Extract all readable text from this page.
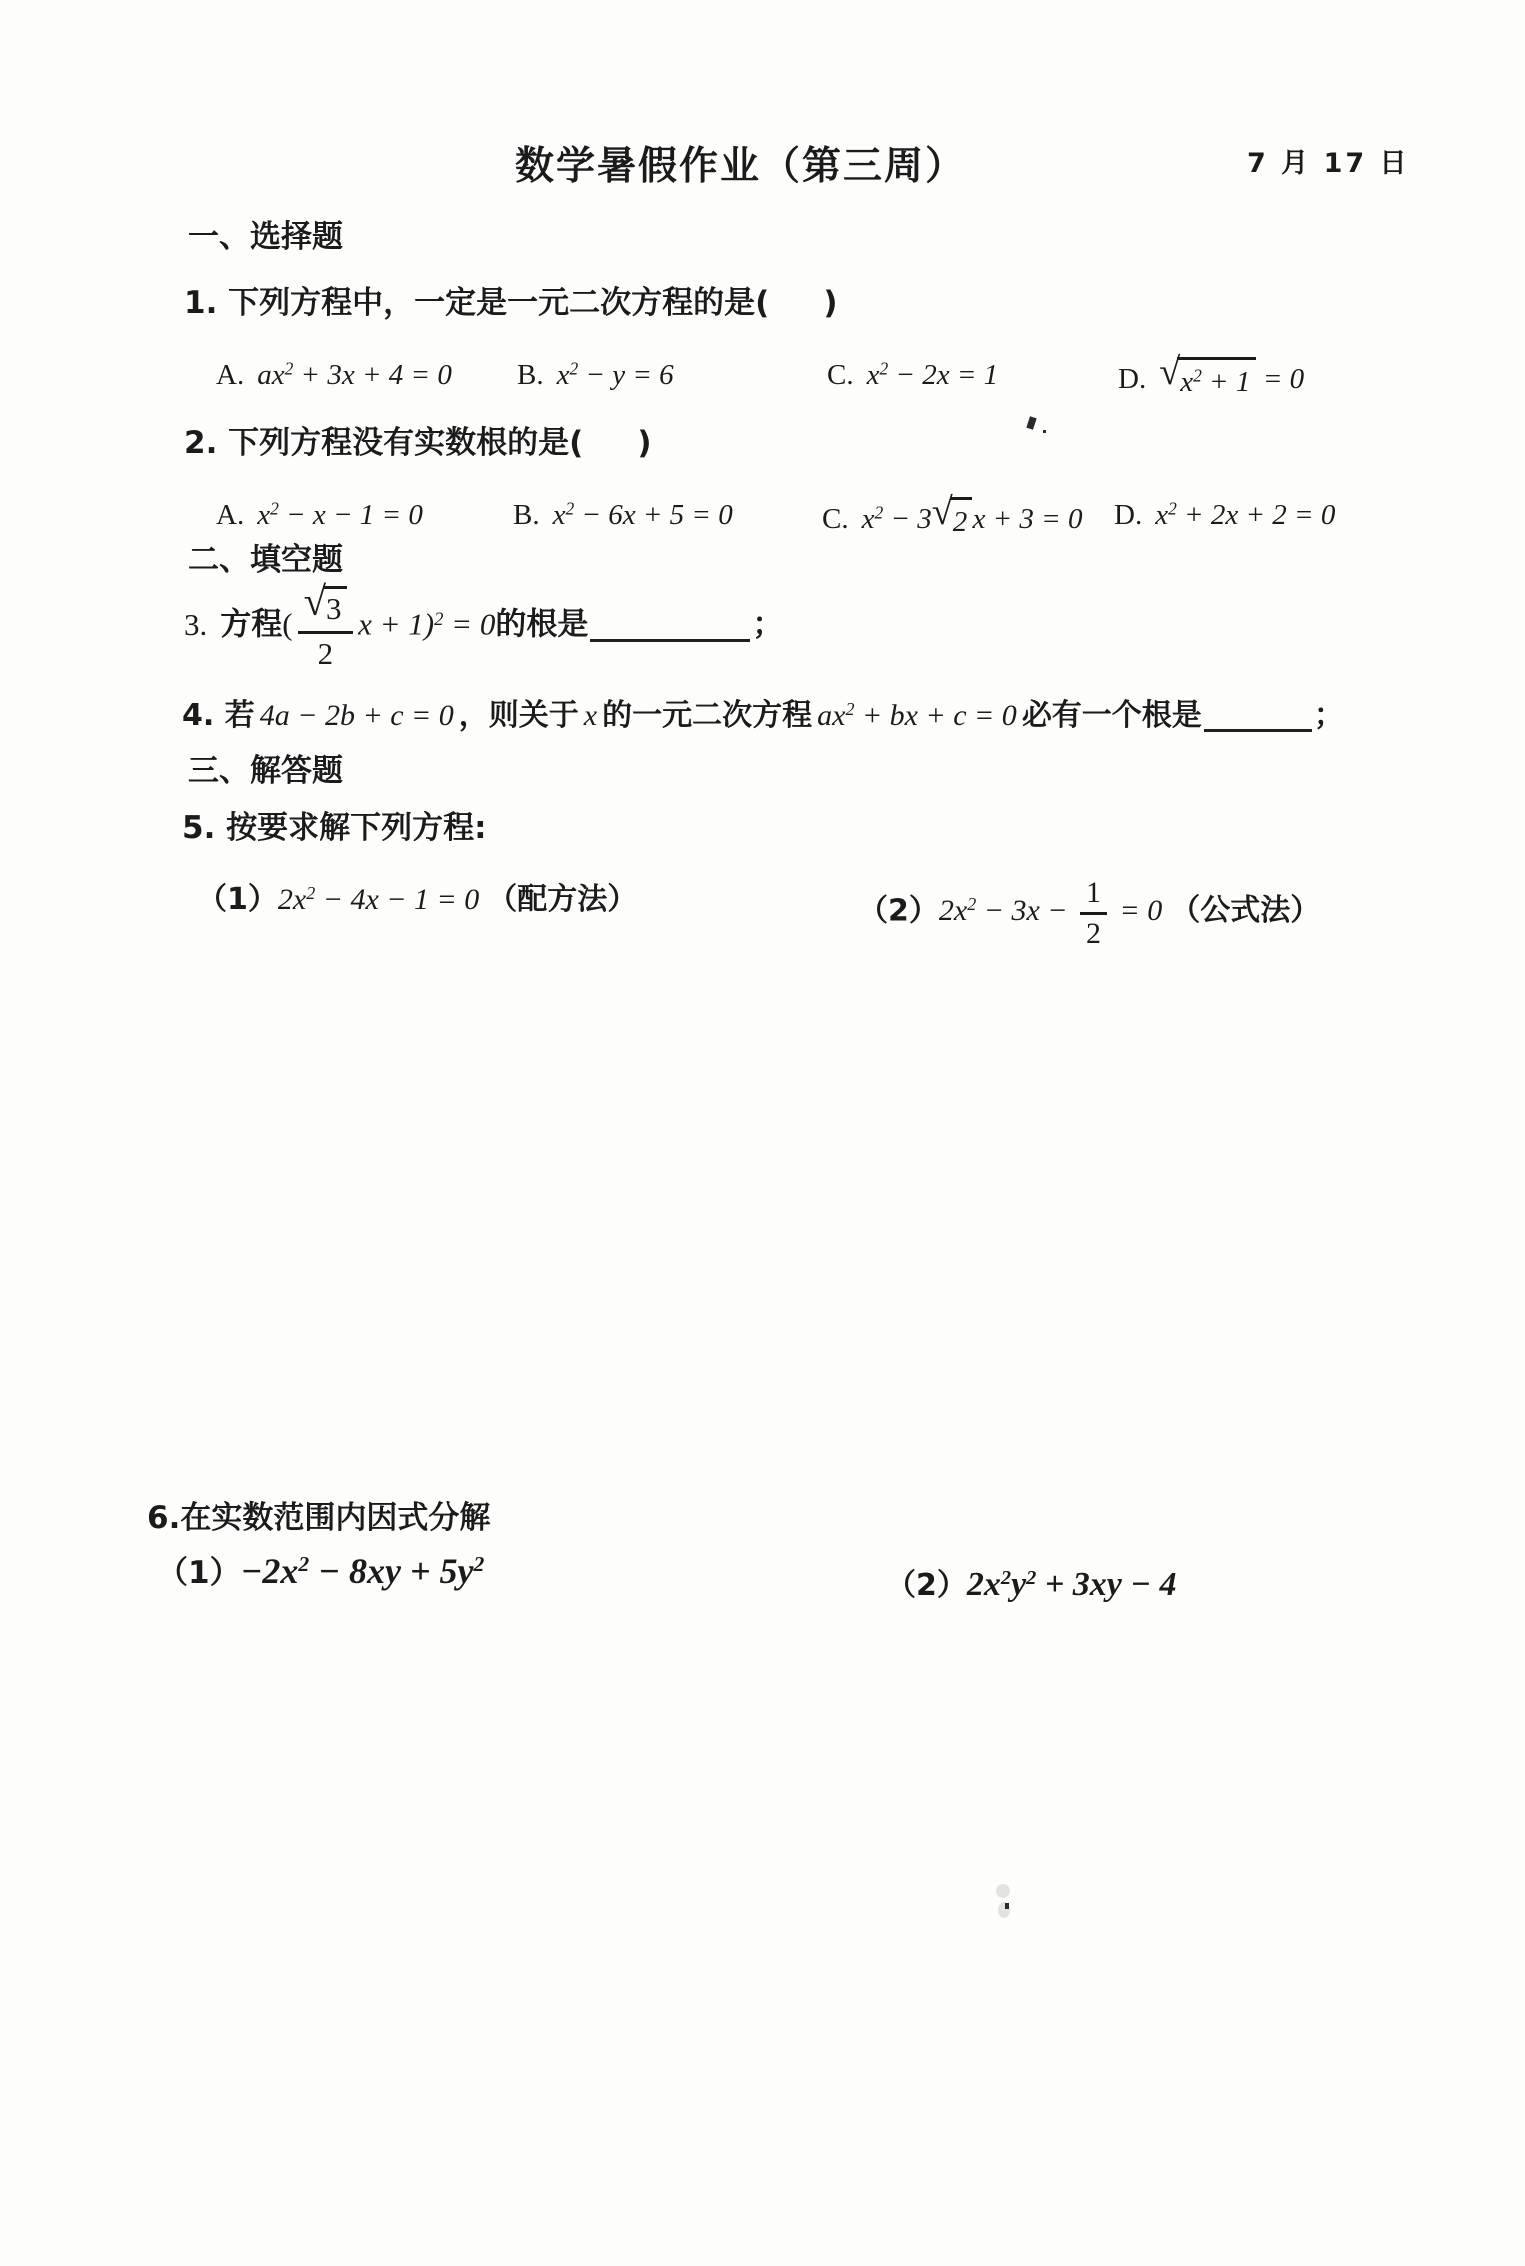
数学暑假作业（第三周）	7 月 17 日
一、选择题
1. 下列方程中，一定是一元二次方程的是( )
A. ax2 + 3x + 4 = 0 B. x2 − y = 6	C. x2 − 2x = 1	D. √ x2 + 1 = 0
2. 下列方程没有实数根的是( )
A. x2 − x − 1 = 0	B. x2 − 6x + 5 = 0	C. x2 − 3 √ 2 x + 3 = 0 D. x2 + 2x + 2 = 0
二、填空题
3. 方程( $\frac{√ 3}{2}$ x + 1)2 = 0的根是	；
4. 若 4a − 2b + c = 0 ，则关于 x 的一元二次方程 ax2 + bx + c = 0 必有一个根是	；
三、解答题
5. 按要求解下列方程:
（1）2x2 − 4x − 1 = 0 （配方法）	$(2)2x2 - 3x - \frac{1}{2} = 0$ （公式法）
6.在实数范围内因式分解
（1）−2x2 − 8xy + 5y2
（2）2x2y2 + 3xy − 4
